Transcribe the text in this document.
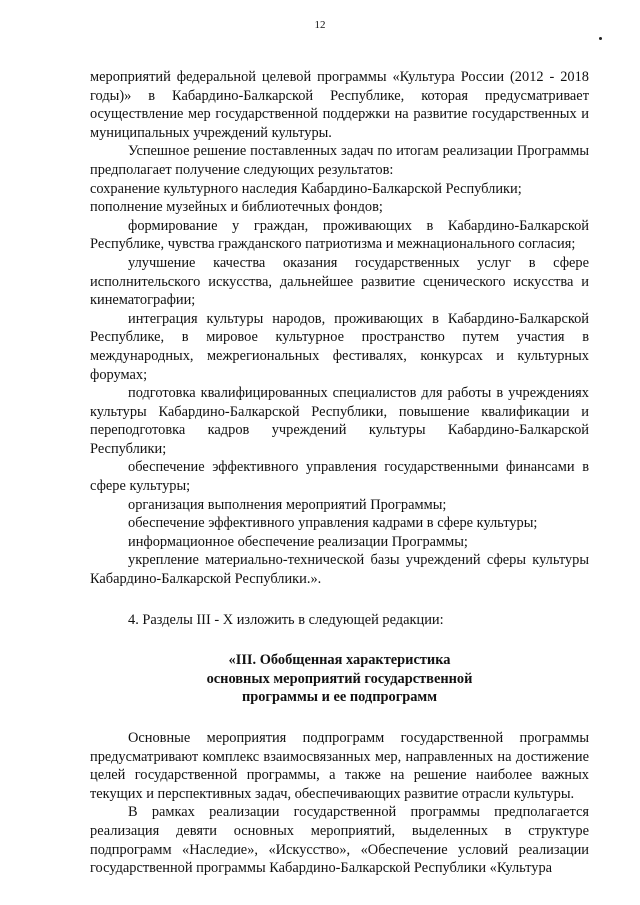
12

мероприятий федеральной целевой программы «Культура России (2012 - 2018 годы)» в Кабардино-Балкарской Республике, которая предусматривает осуществление мер государственной поддержки на развитие государственных и муниципальных учреждений культуры.

Успешное решение поставленных задач по итогам реализации Программы предполагает получение следующих результатов:

сохранение культурного наследия Кабардино-Балкарской Республики;

пополнение музейных и библиотечных фондов;

формирование у граждан, проживающих в Кабардино-Балкарской Республике, чувства гражданского патриотизма и межнационального согласия;

улучшение качества оказания государственных услуг в сфере исполнительского искусства, дальнейшее развитие сценического искусства и кинематографии;

интеграция культуры народов, проживающих в Кабардино-Балкарской Республике, в мировое культурное пространство путем участия в международных, межрегиональных фестивалях, конкурсах и культурных форумах;

подготовка квалифицированных специалистов для работы в учреждениях культуры Кабардино-Балкарской Республики, повышение квалификации и переподготовка кадров учреждений культуры Кабардино-Балкарской Республики;

обеспечение эффективного управления государственными финансами в сфере культуры;

организация выполнения мероприятий Программы;

обеспечение эффективного управления кадрами в сфере культуры;

информационное обеспечение реализации Программы;

укрепление материально-технической базы учреждений сферы культуры Кабардино-Балкарской Республики.».

4. Разделы III - X изложить в следующей редакции:

«III. Обобщенная характеристика
основных мероприятий государственной
программы и ее подпрограмм

Основные мероприятия подпрограмм государственной программы предусматривают комплекс взаимосвязанных мер, направленных на достижение целей государственной программы, а также на решение наиболее важных текущих и перспективных задач, обеспечивающих развитие отрасли культуры.

В рамках реализации государственной программы предполагается реализация девяти основных мероприятий, выделенных в структуре подпрограмм «Наследие», «Искусство», «Обеспечение условий реализации государственной программы Кабардино-Балкарской Республики «Культура
